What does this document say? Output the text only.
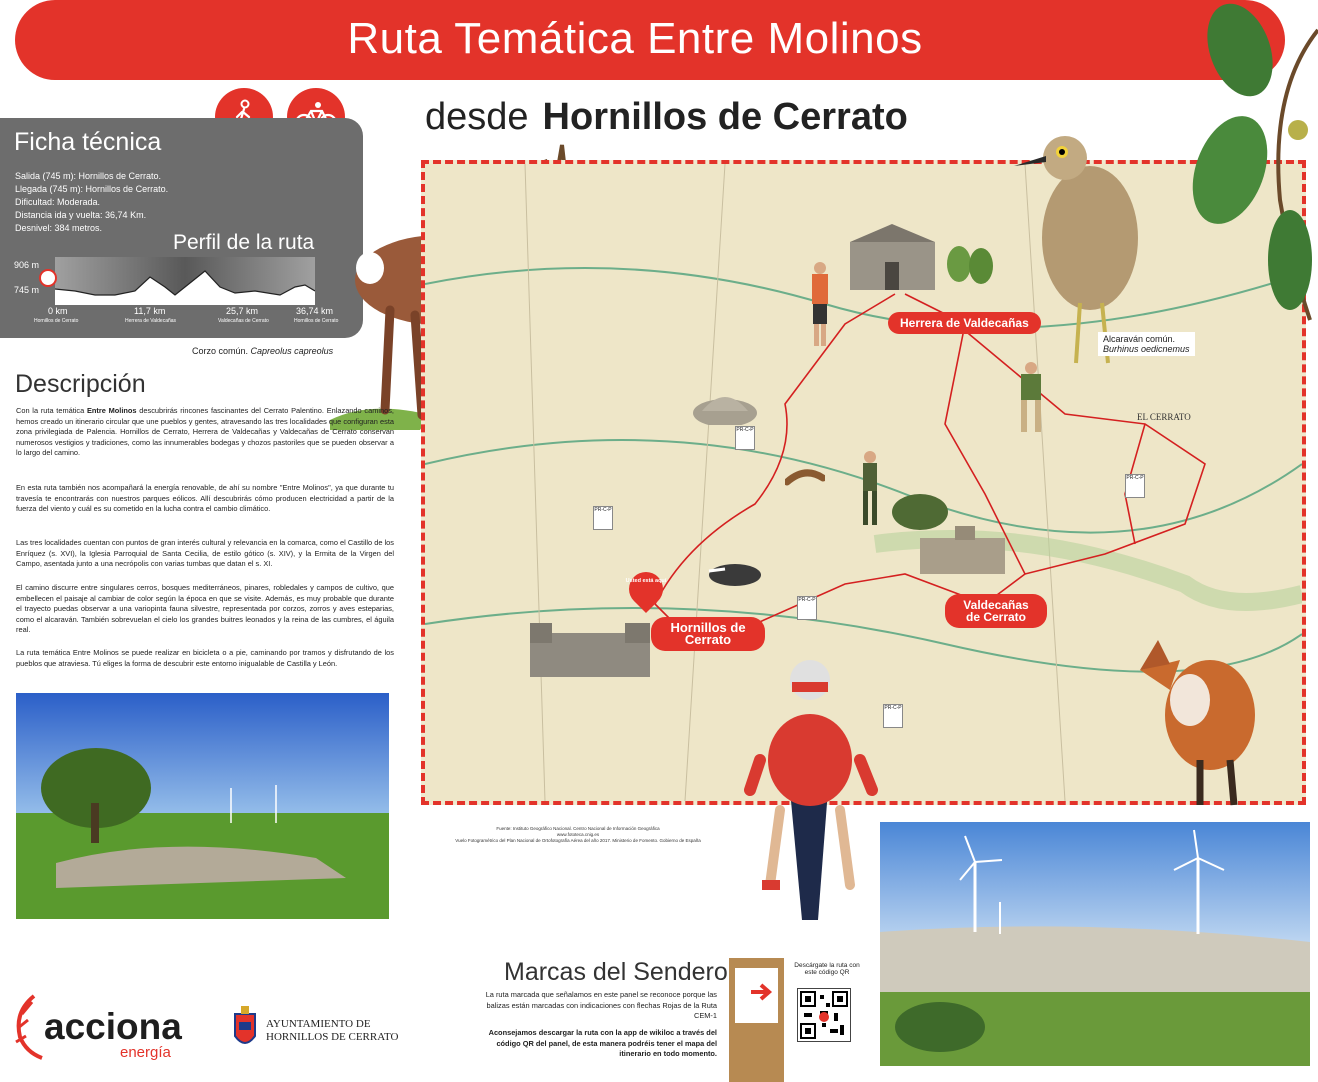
Ruta Temática Entre Molinos
desde Hornillos de Cerrato
Ficha técnica
Salida (745 m): Hornillos de Cerrato.
Llegada (745 m): Hornillos de Cerrato.
Dificultad: Moderada.
Distancia ida y vuelta: 36,74 Km.
Desnivel: 384 metros.
Perfil de la ruta
906 m
745 m
0 km	11,7 km	25,7 km	36,74 km
Hornillos de Cerrato	Herrera de Valdecañas	Valdecañas de Cerrato	Hornillos de Cerrato
Corzo común. Capreolus capreolus
Descripción
Con la ruta temática Entre Molinos descubrirás rincones fascinantes del Cerrato Palentino. Enlazando caminos, hemos creado un itinerario circular que une pueblos y gentes, atravesando las tres localidades que configuran esta zona privilegiada de Palencia. Hornillos de Cerrato, Herrera de Valdecañas y Valdecañas de Cerrato conservan numerosos vestigios y tradiciones, como las innumerables bodegas y chozos pastoriles que se pueden observar a lo largo del camino.
En esta ruta también nos acompañará la energía renovable, de ahí su nombre "Entre Molinos", ya que durante tu travesía te encontrarás con nuestros parques eólicos. Allí descubrirás cómo producen electricidad a partir de la fuerza del viento y cuál es su cometido en la lucha contra el cambio climático.
Las tres localidades cuentan con puntos de gran interés cultural y relevancia en la comarca, como el Castillo de los Enríquez (s. XVI), la Iglesia Parroquial de Santa Cecilia, de estilo gótico (s. XIV), y la Ermita de la Virgen del Campo, asentada junto a una necrópolis con varias tumbas que datan el s. XI.
El camino discurre entre singulares cerros, bosques mediterráneos, pinares, robledales y campos de cultivo, que embellecen el paisaje al cambiar de color según la época en que se visite. Además, es muy probable que durante el trayecto puedas observar a una variopinta fauna silvestre, representada por corzos, zorros y aves esteparias, como el alcaraván. También sobrevuelan el cielo los grandes buitres leonados y la reina de las cumbres, el águila real.
La ruta temática Entre Molinos se puede realizar en bicicleta o a pie, caminando por tramos y disfrutando de los pueblos que atraviesa. Tú eliges la forma de descubrir este entorno inigualable de Castilla y León.
Herrera de Valdecañas
Valdecañas de Cerrato
Hornillos de Cerrato
Usted está aquí
EL CERRATO
PR-C-P
PR-C-P
PR-C-P
PR-C-P
PR-C-P
Alcaraván común.
Burhinus oedicnemus
Fuente: Instituto Geográfico Nacional. Centro Nacional de Información Geográfica
www.fototeca.cnig.es
Vuelo Fotogramétrico del Plan Nacional de Ortofotografía Aérea del año 2017. Ministerio de Fomento. Gobierno de España
Marcas del Sendero
La ruta marcada que señalamos en este panel se reconoce porque las balizas están marcadas con indicaciones con flechas Rojas de la Ruta CEM-1
Aconsejamos descargar la ruta con la app de wikiloc a través del código QR del panel, de esta manera podréis tener el mapa del itinerario en todo momento.
Descárgate la ruta con este código QR
acciona
energía
AYUNTAMIENTO DE
HORNILLOS DE CERRATO
